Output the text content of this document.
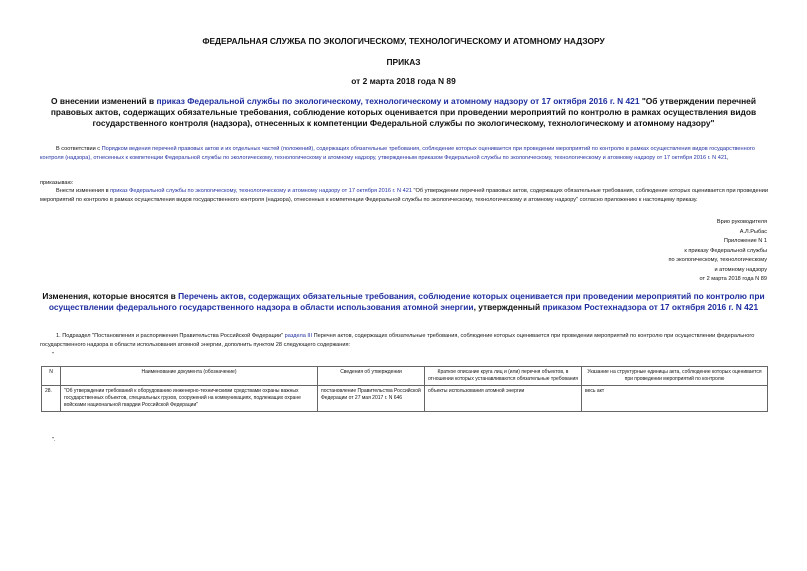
ФЕДЕРАЛЬНАЯ СЛУЖБА ПО ЭКОЛОГИЧЕСКОМУ, ТЕХНОЛОГИЧЕСКОМУ И АТОМНОМУ НАДЗОРУ
ПРИКАЗ
от 2 марта 2018 года N 89
О внесении изменений в приказ Федеральной службы по экологическому, технологическому и атомному надзору от 17 октября 2016 г. N 421 "Об утверждении перечней правовых актов, содержащих обязательные требования, соблюдение которых оценивается при проведении мероприятий по контролю в рамках осуществления видов государственного контроля (надзора), отнесенных к компетенции Федеральной службы по экологическому, технологическому и атомному надзору"
В соответствии с Порядком ведения перечней правовых актов и их отдельных частей (положений), содержащих обязательные требования, соблюдение которых оценивается при проведении мероприятий по контролю в рамках осуществления видов государственного контроля (надзора), отнесенных к компетенции Федеральной службы по экологическому, технологическому и атомному надзору, утвержденным приказом Федеральной службы по экологическому, технологическому и атомному надзору от 17 октября 2016 г. N 421,
приказываю:
Внести изменения в приказ Федеральной службы по экологическому, технологическому и атомному надзору от 17 октября 2016 г. N 421 "Об утверждении перечней правовых актов, содержащих обязательные требования, соблюдение которых оценивается при проведении мероприятий по контролю в рамках осуществления видов государственного контроля (надзора), отнесенных к компетенции Федеральной службы по экологическому, технологическому и атомному надзору" согласно приложению к настоящему приказу.
Врио руководителя
А.Л.Рыбас
Приложение N 1
к приказу Федеральной службы
по экологическому, технологическому
и атомному надзору
от 2 марта 2018 года N 89
Изменения, которые вносятся в Перечень актов, содержащих обязательные требования, соблюдение которых оценивается при проведении мероприятий по контролю при осуществлении федерального государственного надзора в области использования атомной энергии, утвержденный приказом Ростехнадзора от 17 октября 2016 г. N 421
1. Подраздел "Постановления и распоряжения Правительства Российской Федерации" раздела III Перечня актов, содержащих обязательные требования, соблюдение которых оценивается при проведении мероприятий по контролю при осуществлении федерального государственного надзора в области использования атомной энергии, дополнить пунктом 28 следующего содержания:
"
N	Наименование документа (обозначение)	Сведения об утверждении	Краткое описание круга лиц и (или) перечня объектов, в отношении которых устанавливаются обязательные требования	Указание на структурные единицы акта, соблюдение которых оценивается при проведении мероприятий по контролю
28.	"Об утверждении требований к оборудованию инженерно-техническими средствами охраны важных государственных объектов, специальных грузов, сооружений на коммуникациях, подлежащих охране войсками национальной гвардии Российской Федерации"	постановление Правительства Российской Федерации от 27 мая 2017 г. N 646	объекты использования атомной энергии	весь акт
".
